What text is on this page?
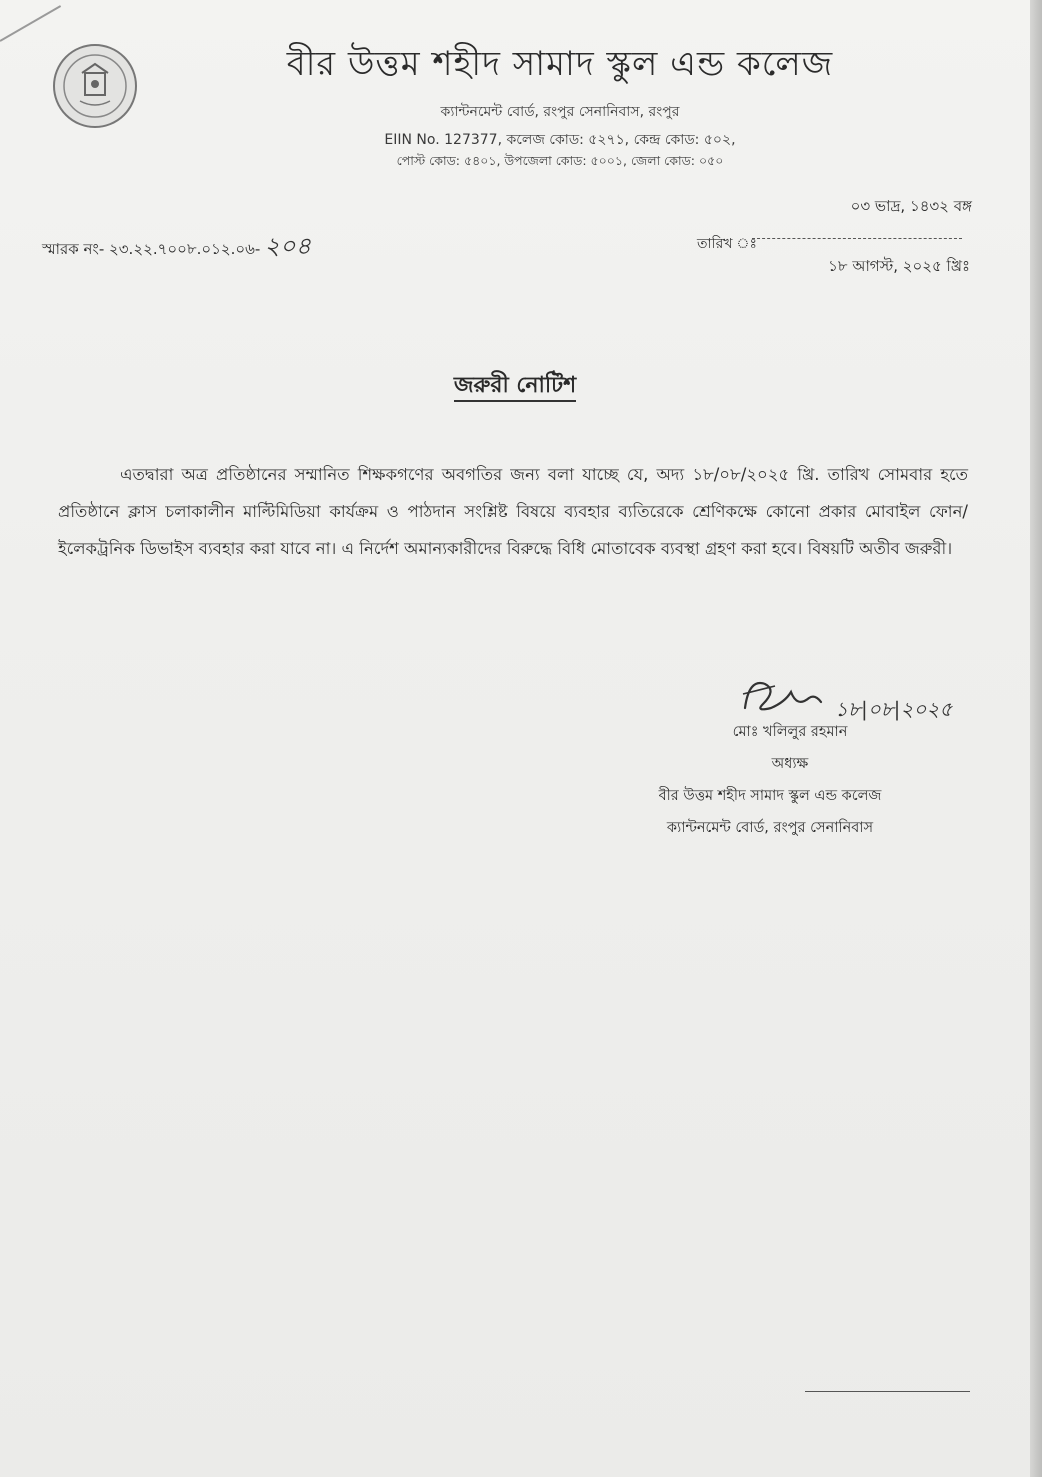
বীর উত্তম শহীদ সামাদ স্কুল এন্ড কলেজ
ক্যান্টনমেন্ট বোর্ড, রংপুর সেনানিবাস, রংপুর
EIIN No. 127377, কলেজ কোড: ৫২৭১, কেন্দ্র কোড: ৫০২,
পোস্ট কোড: ৫৪০১, উপজেলা কোড: ৫০০১, জেলা কোড: ০৫০
০৩ ভাদ্র, ১৪৩২ বঙ্গ
স্মারক নং- ২৩.২২.৭০০৮.০১২.০৬- ২০৪	তারিখ ঃ
১৮ আগস্ট, ২০২৫ খ্রিঃ
জরুরী নোটিশ
এতদ্বারা অত্র প্রতিষ্ঠানের সম্মানিত শিক্ষকগণের অবগতির জন্য বলা যাচ্ছে যে, অদ্য ১৮/০৮/২০২৫ খ্রি. তারিখ সোমবার হতে প্রতিষ্ঠানে ক্লাস চলাকালীন মাল্টিমিডিয়া কার্যক্রম ও পাঠদান সংশ্লিষ্ট বিষয়ে ব্যবহার ব্যতিরেকে শ্রেণিকক্ষে কোনো প্রকার মোবাইল ফোন/ইলেকট্রনিক ডিভাইস ব্যবহার করা যাবে না। এ নির্দেশ অমান্যকারীদের বিরুদ্ধে বিধি মোতাবেক ব্যবস্থা গ্রহণ করা হবে। বিষয়টি অতীব জরুরী।
১৮|০৮|২০২৫
মোঃ খলিলুর রহমান
অধ্যক্ষ
বীর উত্তম শহীদ সামাদ স্কুল এন্ড কলেজ
ক্যান্টনমেন্ট বোর্ড, রংপুর সেনানিবাস
